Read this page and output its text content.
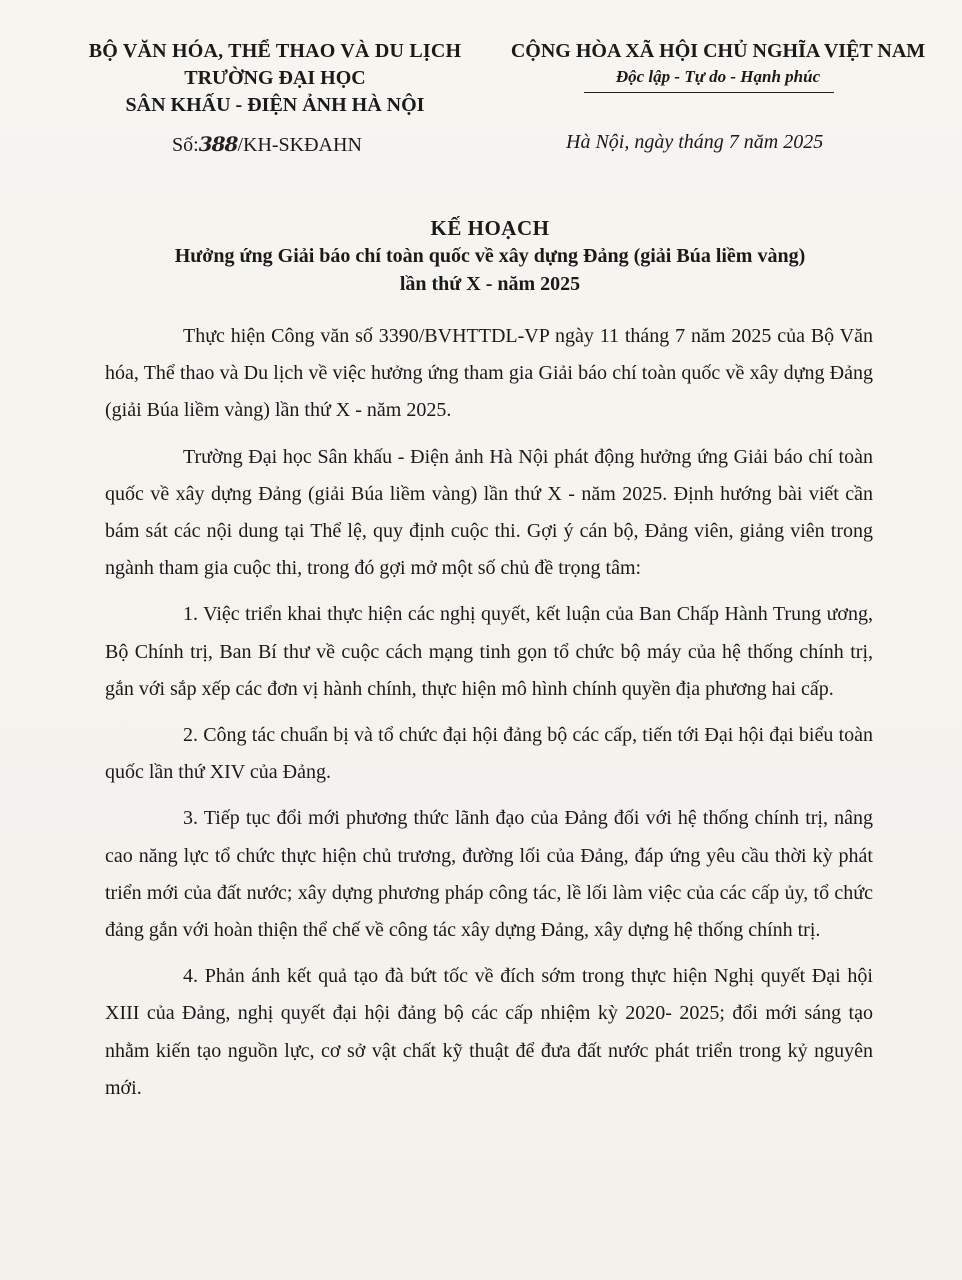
BỘ VĂN HÓA, THỂ THAO VÀ DU LỊCH
TRƯỜNG ĐẠI HỌC
SÂN KHẤU - ĐIỆN ẢNH HÀ NỘI
CỘNG HÒA XÃ HỘI CHỦ NGHĨA VIỆT NAM
Độc lập - Tự do - Hạnh phúc
Số:388/KH-SKĐAHN	Hà Nội, ngày tháng 7 năm 2025
KẾ HOẠCH
Hưởng ứng Giải báo chí toàn quốc về xây dựng Đảng (giải Búa liềm vàng)
lần thứ X - năm 2025

Thực hiện Công văn số 3390/BVHTTDL-VP ngày 11 tháng 7 năm 2025 của Bộ Văn hóa, Thể thao và Du lịch về việc hưởng ứng tham gia Giải báo chí toàn quốc về xây dựng Đảng (giải Búa liềm vàng) lần thứ X - năm 2025.

Trường Đại học Sân khấu - Điện ảnh Hà Nội phát động hưởng ứng Giải báo chí toàn quốc về xây dựng Đảng (giải Búa liềm vàng) lần thứ X - năm 2025. Định hướng bài viết cần bám sát các nội dung tại Thể lệ, quy định cuộc thi. Gợi ý cán bộ, Đảng viên, giảng viên trong ngành tham gia cuộc thi, trong đó gợi mở một số chủ đề trọng tâm:

1. Việc triển khai thực hiện các nghị quyết, kết luận của Ban Chấp Hành Trung ương, Bộ Chính trị, Ban Bí thư về cuộc cách mạng tinh gọn tổ chức bộ máy của hệ thống chính trị, gắn với sắp xếp các đơn vị hành chính, thực hiện mô hình chính quyền địa phương hai cấp.

2. Công tác chuẩn bị và tổ chức đại hội đảng bộ các cấp, tiến tới Đại hội đại biểu toàn quốc lần thứ XIV của Đảng.

3. Tiếp tục đổi mới phương thức lãnh đạo của Đảng đối với hệ thống chính trị, nâng cao năng lực tổ chức thực hiện chủ trương, đường lối của Đảng, đáp ứng yêu cầu thời kỳ phát triển mới của đất nước; xây dựng phương pháp công tác, lề lối làm việc của các cấp ủy, tổ chức đảng gắn với hoàn thiện thể chế về công tác xây dựng Đảng, xây dựng hệ thống chính trị.

4. Phản ánh kết quả tạo đà bứt tốc về đích sớm trong thực hiện Nghị quyết Đại hội XIII của Đảng, nghị quyết đại hội đảng bộ các cấp nhiệm kỳ 2020- 2025; đổi mới sáng tạo nhằm kiến tạo nguồn lực, cơ sở vật chất kỹ thuật để đưa đất nước phát triển trong kỷ nguyên mới.
